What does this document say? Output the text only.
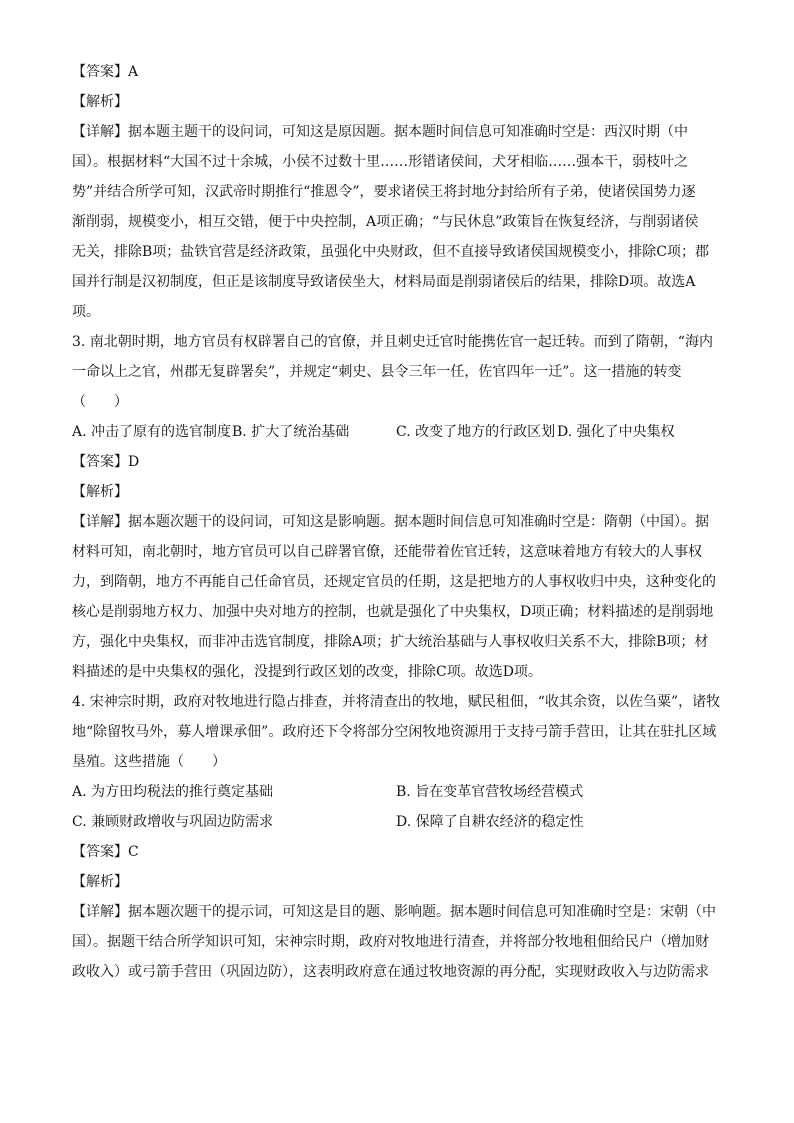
【答案】A
【解析】
【详解】据本题主题干的设问词，可知这是原因题。据本题时间信息可知准确时空是：西汉时期（中
国）。根据材料“大国不过十余城，小侯不过数十里……形错诸侯间，犬牙相临……强本干，弱枝叶之
势”并结合所学可知，汉武帝时期推行“推恩令”，要求诸侯王将封地分封给所有子弟，使诸侯国势力逐
渐削弱，规模变小，相互交错，便于中央控制，A项正确；“与民休息”政策旨在恢复经济，与削弱诸侯
无关，排除B项；盐铁官营是经济政策，虽强化中央财政，但不直接导致诸侯国规模变小，排除C项；郡
国并行制是汉初制度，但正是该制度导致诸侯坐大，材料局面是削弱诸侯后的结果，排除D项。故选A
项。
3. 南北朝时期，地方官员有权辟署自己的官僚，并且刺史迁官时能携佐官一起迁转。而到了隋朝，“海内
一命以上之官，州郡无复辟署矣”，并规定“刺史、县令三年一任，佐官四年一迁”。这一措施的转变
（　　）
A. 冲击了原有的选官制度 B. 扩大了统治基础	C. 改变了地方的行政区划 D. 强化了中央集权
【答案】D
【解析】
【详解】据本题次题干的设问词，可知这是影响题。据本题时间信息可知准确时空是：隋朝（中国）。据
材料可知，南北朝时，地方官员可以自己辟署官僚，还能带着佐官迁转，这意味着地方有较大的人事权
力，到隋朝，地方不再能自己任命官员，还规定官员的任期，这是把地方的人事权收归中央，这种变化的
核心是削弱地方权力、加强中央对地方的控制，也就是强化了中央集权，D项正确；材料描述的是削弱地
方，强化中央集权，而非冲击选官制度，排除A项；扩大统治基础与人事权收归关系不大，排除B项；材
料描述的是中央集权的强化，没提到行政区划的改变，排除C项。故选D项。
4. 宋神宗时期，政府对牧地进行隐占排查，并将清查出的牧地，赋民租佃，“收其余资，以佐刍粟”，诸牧
地“除留牧马外，募人增课承佃”。政府还下令将部分空闲牧地资源用于支持弓箭手营田，让其在驻扎区域
垦殖。这些措施（　　）
A. 为方田均税法的推行奠定基础	B. 旨在变革官营牧场经营模式
C. 兼顾财政增收与巩固边防需求	D. 保障了自耕农经济的稳定性
【答案】C
【解析】
【详解】据本题次题干的提示词，可知这是目的题、影响题。据本题时间信息可知准确时空是：宋朝（中
国）。据题干结合所学知识可知，宋神宗时期，政府对牧地进行清查，并将部分牧地租佃给民户（增加财
政收入）或弓箭手营田（巩固边防），这表明政府意在通过牧地资源的再分配，实现财政收入与边防需求
